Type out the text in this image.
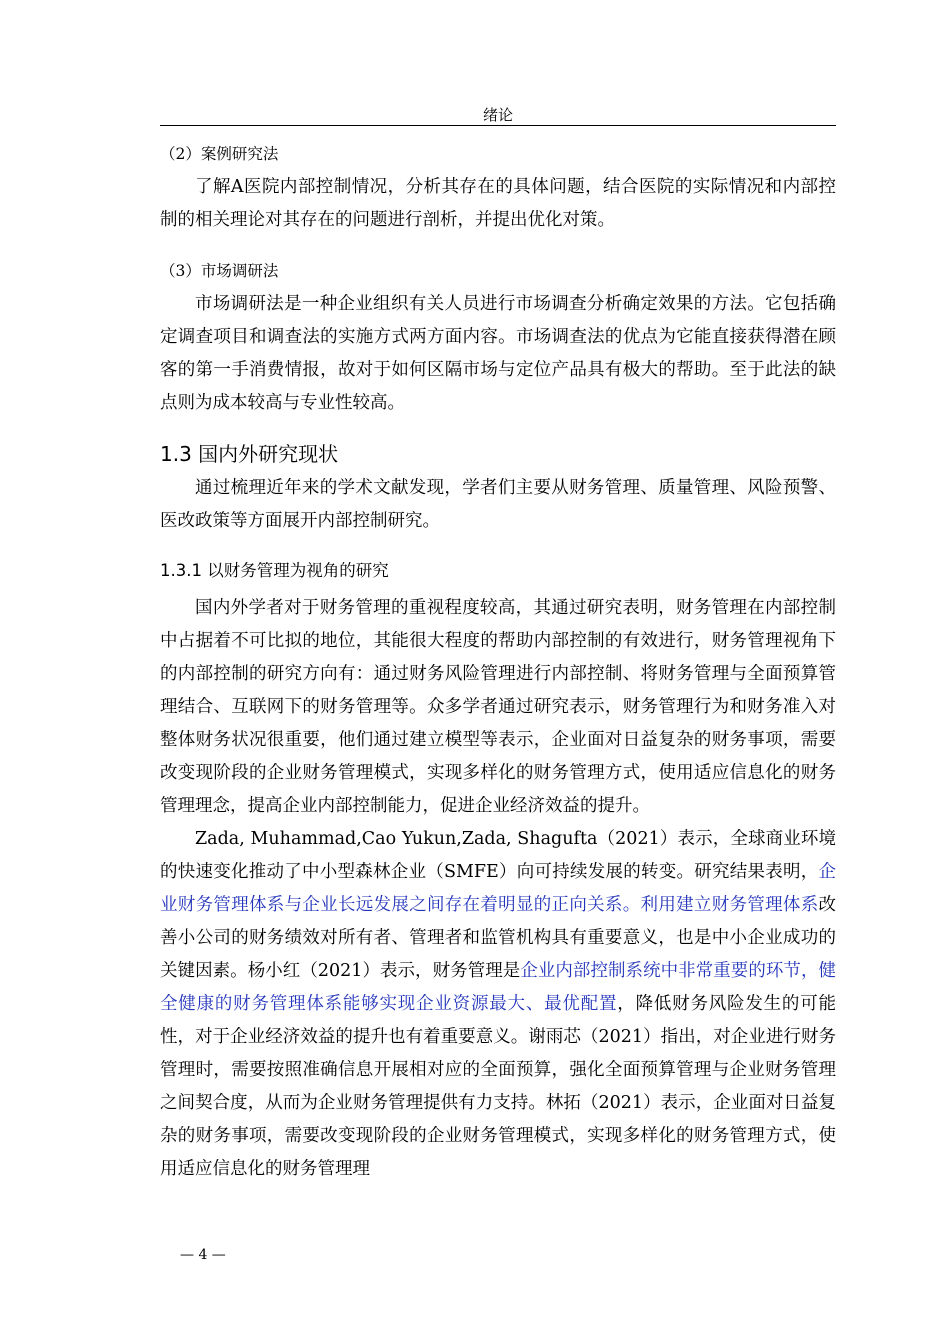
绪论

（2）案例研究法

了解A医院内部控制情况，分析其存在的具体问题，结合医院的实际情况和内部控制的相关理论对其存在的问题进行剖析，并提出优化对策。

（3）市场调研法

市场调研法是一种企业组织有关人员进行市场调查分析确定效果的方法。它包括确定调查项目和调查法的实施方式两方面内容。市场调查法的优点为它能直接获得潜在顾客的第一手消费情报，故对于如何区隔市场与定位产品具有极大的帮助。至于此法的缺点则为成本较高与专业性较高。

1.3 国内外研究现状

通过梳理近年来的学术文献发现，学者们主要从财务管理、质量管理、风险预警、医改政策等方面展开内部控制研究。

1.3.1 以财务管理为视角的研究

国内外学者对于财务管理的重视程度较高，其通过研究表明，财务管理在内部控制中占据着不可比拟的地位，其能很大程度的帮助内部控制的有效进行，财务管理视角下的内部控制的研究方向有：通过财务风险管理进行内部控制、将财务管理与全面预算管理结合、互联网下的财务管理等。众多学者通过研究表示，财务管理行为和财务准入对整体财务状况很重要，他们通过建立模型等表示，企业面对日益复杂的财务事项，需要改变现阶段的企业财务管理模式，实现多样化的财务管理方式，使用适应信息化的财务管理理念，提高企业内部控制能力，促进企业经济效益的提升。

Zada, Muhammad,Cao Yukun,Zada, Shagufta（2021）表示，全球商业环境的快速变化推动了中小型森林企业（SMFE）向可持续发展的转变。研究结果表明，企业财务管理体系与企业长远发展之间存在着明显的正向关系。利用建立财务管理体系改善小公司的财务绩效对所有者、管理者和监管机构具有重要意义，也是中小企业成功的关键因素。杨小红（2021）表示，财务管理是企业内部控制系统中非常重要的环节，健全健康的财务管理体系能够实现企业资源最大、最优配置，降低财务风险发生的可能性，对于企业经济效益的提升也有着重要意义。谢雨芯（2021）指出，对企业进行财务管理时，需要按照准确信息开展相对应的全面预算，强化全面预算管理与企业财务管理之间契合度，从而为企业财务管理提供有力支持。林拓（2021）表示，企业面对日益复杂的财务事项，需要改变现阶段的企业财务管理模式，实现多样化的财务管理方式，使用适应信息化的财务管理理

— 4 —
